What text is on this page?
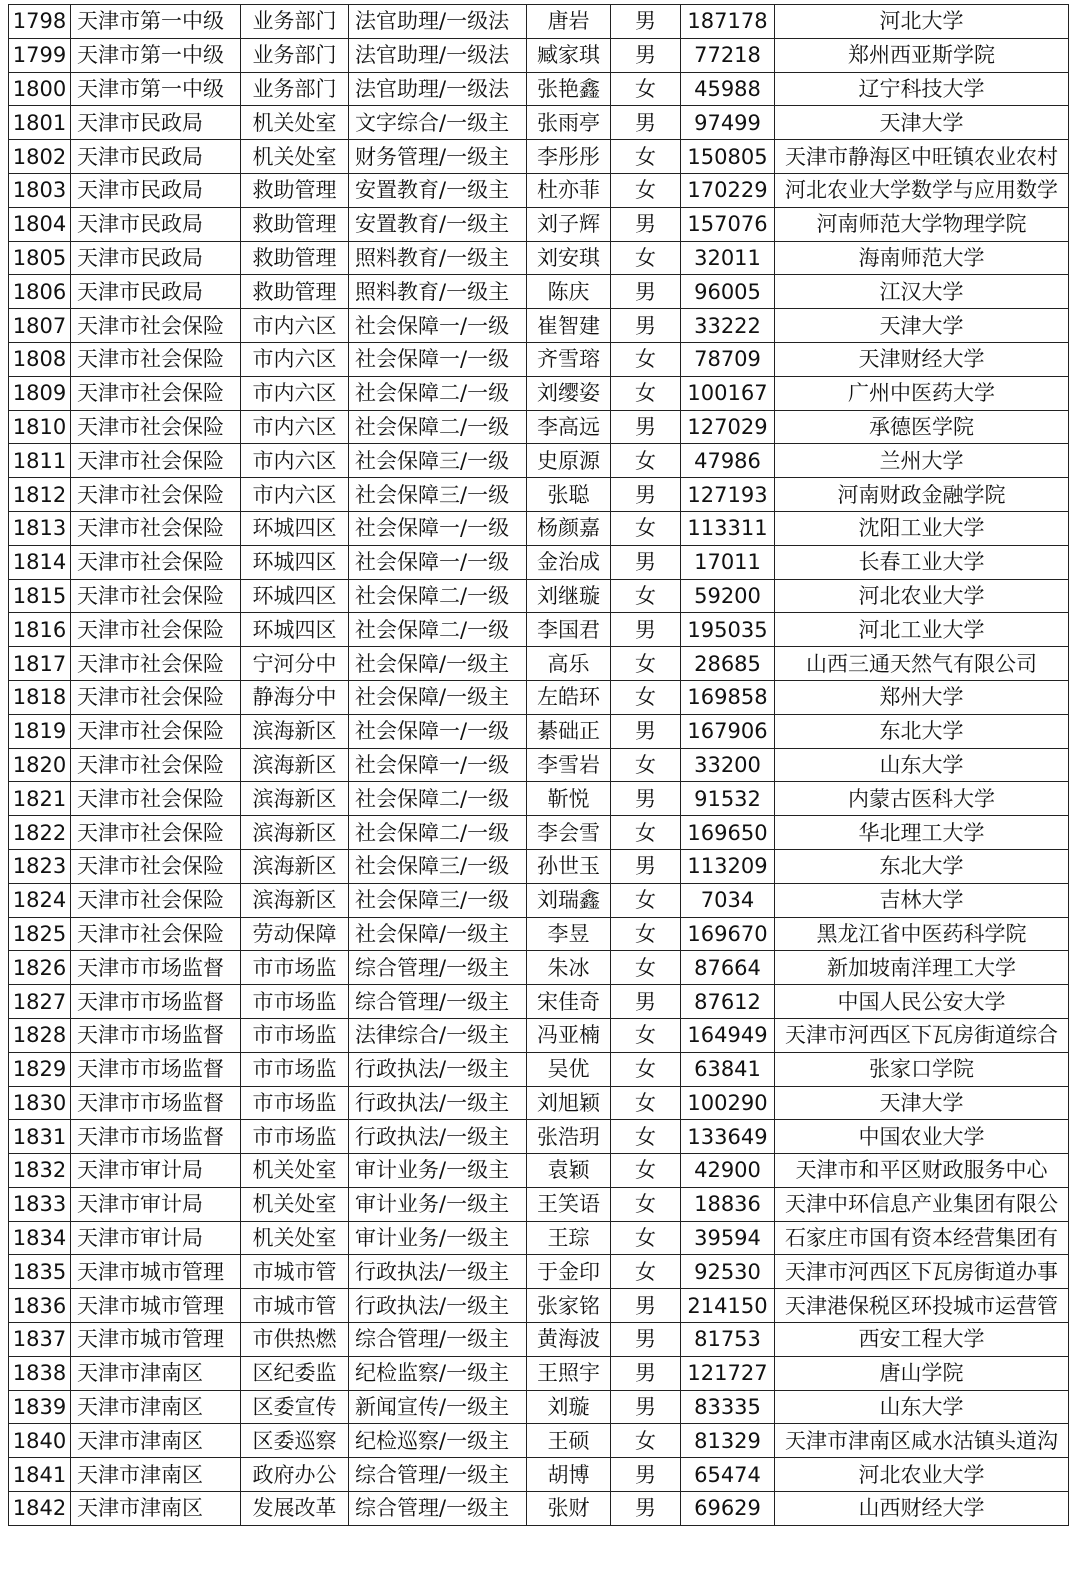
1798	天津市第一中级	业务部门	法官助理/一级法	唐岩	男	187178	河北大学
1799	天津市第一中级	业务部门	法官助理/一级法	臧家琪	男	77218	郑州西亚斯学院
1800	天津市第一中级	业务部门	法官助理/一级法	张艳鑫	女	45988	辽宁科技大学
1801	天津市民政局	机关处室	文字综合/一级主	张雨亭	男	97499	天津大学
1802	天津市民政局	机关处室	财务管理/一级主	李彤彤	女	150805	天津市静海区中旺镇农业农村
1803	天津市民政局	救助管理	安置教育/一级主	杜亦菲	女	170229	河北农业大学数学与应用数学
1804	天津市民政局	救助管理	安置教育/一级主	刘子辉	男	157076	河南师范大学物理学院
1805	天津市民政局	救助管理	照料教育/一级主	刘安琪	女	32011	海南师范大学
1806	天津市民政局	救助管理	照料教育/一级主	陈庆	男	96005	江汉大学
1807	天津市社会保险	市内六区	社会保障一/一级	崔智建	男	33222	天津大学
1808	天津市社会保险	市内六区	社会保障一/一级	齐雪瑢	女	78709	天津财经大学
1809	天津市社会保险	市内六区	社会保障二/一级	刘缨姿	女	100167	广州中医药大学
1810	天津市社会保险	市内六区	社会保障二/一级	李高远	男	127029	承德医学院
1811	天津市社会保险	市内六区	社会保障三/一级	史原源	女	47986	兰州大学
1812	天津市社会保险	市内六区	社会保障三/一级	张聪	男	127193	河南财政金融学院
1813	天津市社会保险	环城四区	社会保障一/一级	杨颜嘉	女	113311	沈阳工业大学
1814	天津市社会保险	环城四区	社会保障一/一级	金治成	男	17011	长春工业大学
1815	天津市社会保险	环城四区	社会保障二/一级	刘继璇	女	59200	河北农业大学
1816	天津市社会保险	环城四区	社会保障二/一级	李国君	男	195035	河北工业大学
1817	天津市社会保险	宁河分中	社会保障/一级主	高乐	女	28685	山西三通天然气有限公司
1818	天津市社会保险	静海分中	社会保障/一级主	左皓环	女	169858	郑州大学
1819	天津市社会保险	滨海新区	社会保障一/一级	綦础正	男	167906	东北大学
1820	天津市社会保险	滨海新区	社会保障一/一级	李雪岩	女	33200	山东大学
1821	天津市社会保险	滨海新区	社会保障二/一级	靳悦	男	91532	内蒙古医科大学
1822	天津市社会保险	滨海新区	社会保障二/一级	李会雪	女	169650	华北理工大学
1823	天津市社会保险	滨海新区	社会保障三/一级	孙世玉	男	113209	东北大学
1824	天津市社会保险	滨海新区	社会保障三/一级	刘瑞鑫	女	7034	吉林大学
1825	天津市社会保险	劳动保障	社会保障/一级主	李昱	女	169670	黑龙江省中医药科学院
1826	天津市市场监督	市市场监	综合管理/一级主	朱冰	女	87664	新加坡南洋理工大学
1827	天津市市场监督	市市场监	综合管理/一级主	宋佳奇	男	87612	中国人民公安大学
1828	天津市市场监督	市市场监	法律综合/一级主	冯亚楠	女	164949	天津市河西区下瓦房街道综合
1829	天津市市场监督	市市场监	行政执法/一级主	吴优	女	63841	张家口学院
1830	天津市市场监督	市市场监	行政执法/一级主	刘旭颖	女	100290	天津大学
1831	天津市市场监督	市市场监	行政执法/一级主	张浩玥	女	133649	中国农业大学
1832	天津市审计局	机关处室	审计业务/一级主	袁颖	女	42900	天津市和平区财政服务中心
1833	天津市审计局	机关处室	审计业务/一级主	王笑语	女	18836	天津中环信息产业集团有限公
1834	天津市审计局	机关处室	审计业务/一级主	王琮	女	39594	石家庄市国有资本经营集团有
1835	天津市城市管理	市城市管	行政执法/一级主	于金印	女	92530	天津市河西区下瓦房街道办事
1836	天津市城市管理	市城市管	行政执法/一级主	张家铭	男	214150	天津港保税区环投城市运营管
1837	天津市城市管理	市供热燃	综合管理/一级主	黄海波	男	81753	西安工程大学
1838	天津市津南区	区纪委监	纪检监察/一级主	王照宇	男	121727	唐山学院
1839	天津市津南区	区委宣传	新闻宣传/一级主	刘璇	男	83335	山东大学
1840	天津市津南区	区委巡察	纪检巡察/一级主	王硕	女	81329	天津市津南区咸水沽镇头道沟
1841	天津市津南区	政府办公	综合管理/一级主	胡博	男	65474	河北农业大学
1842	天津市津南区	发展改革	综合管理/一级主	张财	男	69629	山西财经大学
